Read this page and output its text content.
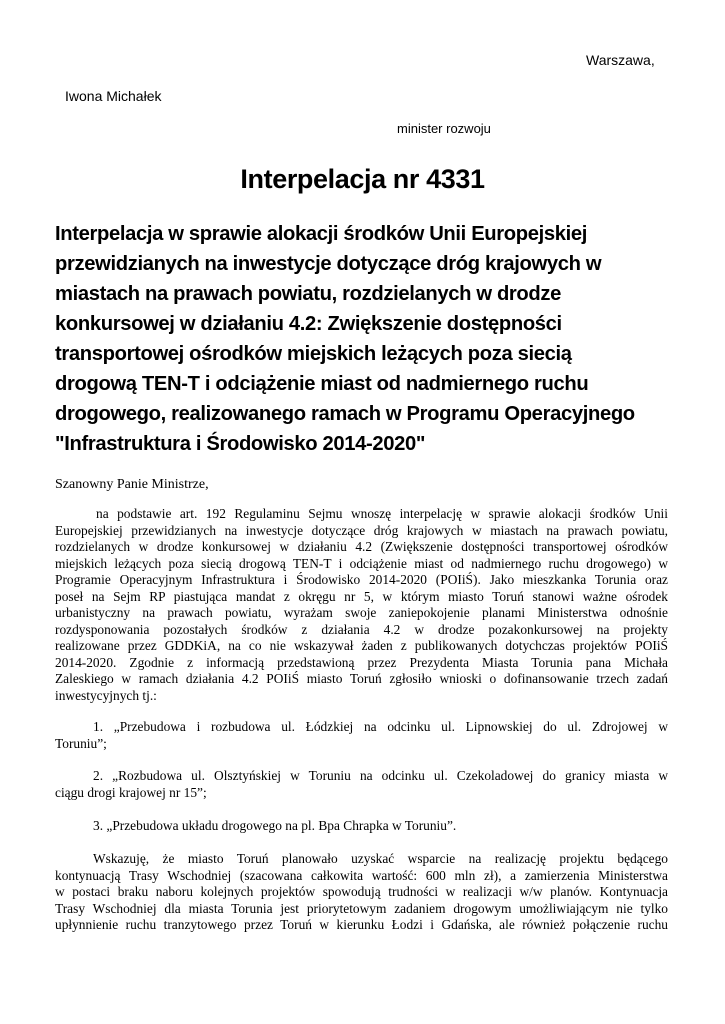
Warszawa,
Iwona Michałek
minister rozwoju
Interpelacja nr 4331
Interpelacja w sprawie alokacji środków Unii Europejskiej
przewidzianych na inwestycje dotyczące dróg krajowych w
miastach na prawach powiatu, rozdzielanych w drodze
konkursowej w działaniu 4.2: Zwiększenie dostępności
transportowej ośrodków miejskich leżących poza siecią
drogową TEN-T i odciążenie miast od nadmiernego ruchu
drogowego, realizowanego ramach w Programu Operacyjnego
"Infrastruktura i Środowisko 2014-2020"
Szanowny Panie Ministrze,
na podstawie art. 192 Regulaminu Sejmu wnoszę interpelację w sprawie alokacji środków Unii
Europejskiej przewidzianych na inwestycje dotyczące dróg krajowych w miastach na prawach powiatu,
rozdzielanych w drodze konkursowej w działaniu 4.2 (Zwiększenie dostępności transportowej ośrodków
miejskich leżących poza siecią drogową TEN-T i odciążenie miast od nadmiernego ruchu drogowego) w
Programie Operacyjnym Infrastruktura i Środowisko 2014-2020 (POIiŚ). Jako mieszkanka Torunia oraz
poseł na Sejm RP piastująca mandat z okręgu nr 5, w którym miasto Toruń stanowi ważne ośrodek
urbanistyczny na prawach powiatu, wyrażam swoje zaniepokojenie planami Ministerstwa odnośnie
rozdysponowania pozostałych środków z działania 4.2 w drodze pozakonkursowej na projekty
realizowane przez GDDKiA, na co nie wskazywał żaden z publikowanych dotychczas projektów POIiŚ
2014-2020. Zgodnie z informacją przedstawioną przez Prezydenta Miasta Torunia pana Michała
Zaleskiego w ramach działania 4.2 POIiŚ miasto Toruń zgłosiło wnioski o dofinansowanie trzech zadań
inwestycyjnych tj.:
1. „Przebudowa i rozbudowa ul. Łódzkiej na odcinku ul. Lipnowskiej do ul. Zdrojowej w
Toruniu”;
2. „Rozbudowa ul. Olsztyńskiej w Toruniu na odcinku ul. Czekoladowej do granicy miasta w
ciągu drogi krajowej nr 15”;
3. „Przebudowa układu drogowego na pl. Bpa Chrapka w Toruniu”.
Wskazuję, że miasto Toruń planowało uzyskać wsparcie na realizację projektu będącego
kontynuacją Trasy Wschodniej (szacowana całkowita wartość: 600 mln zł), a zamierzenia Ministerstwa
w postaci braku naboru kolejnych projektów spowodują trudności w realizacji w/w planów. Kontynuacja
Trasy Wschodniej dla miasta Torunia jest priorytetowym zadaniem drogowym umożliwiającym nie tylko
upłynnienie ruchu tranzytowego przez Toruń w kierunku Łodzi i Gdańska, ale również połączenie ruchu
